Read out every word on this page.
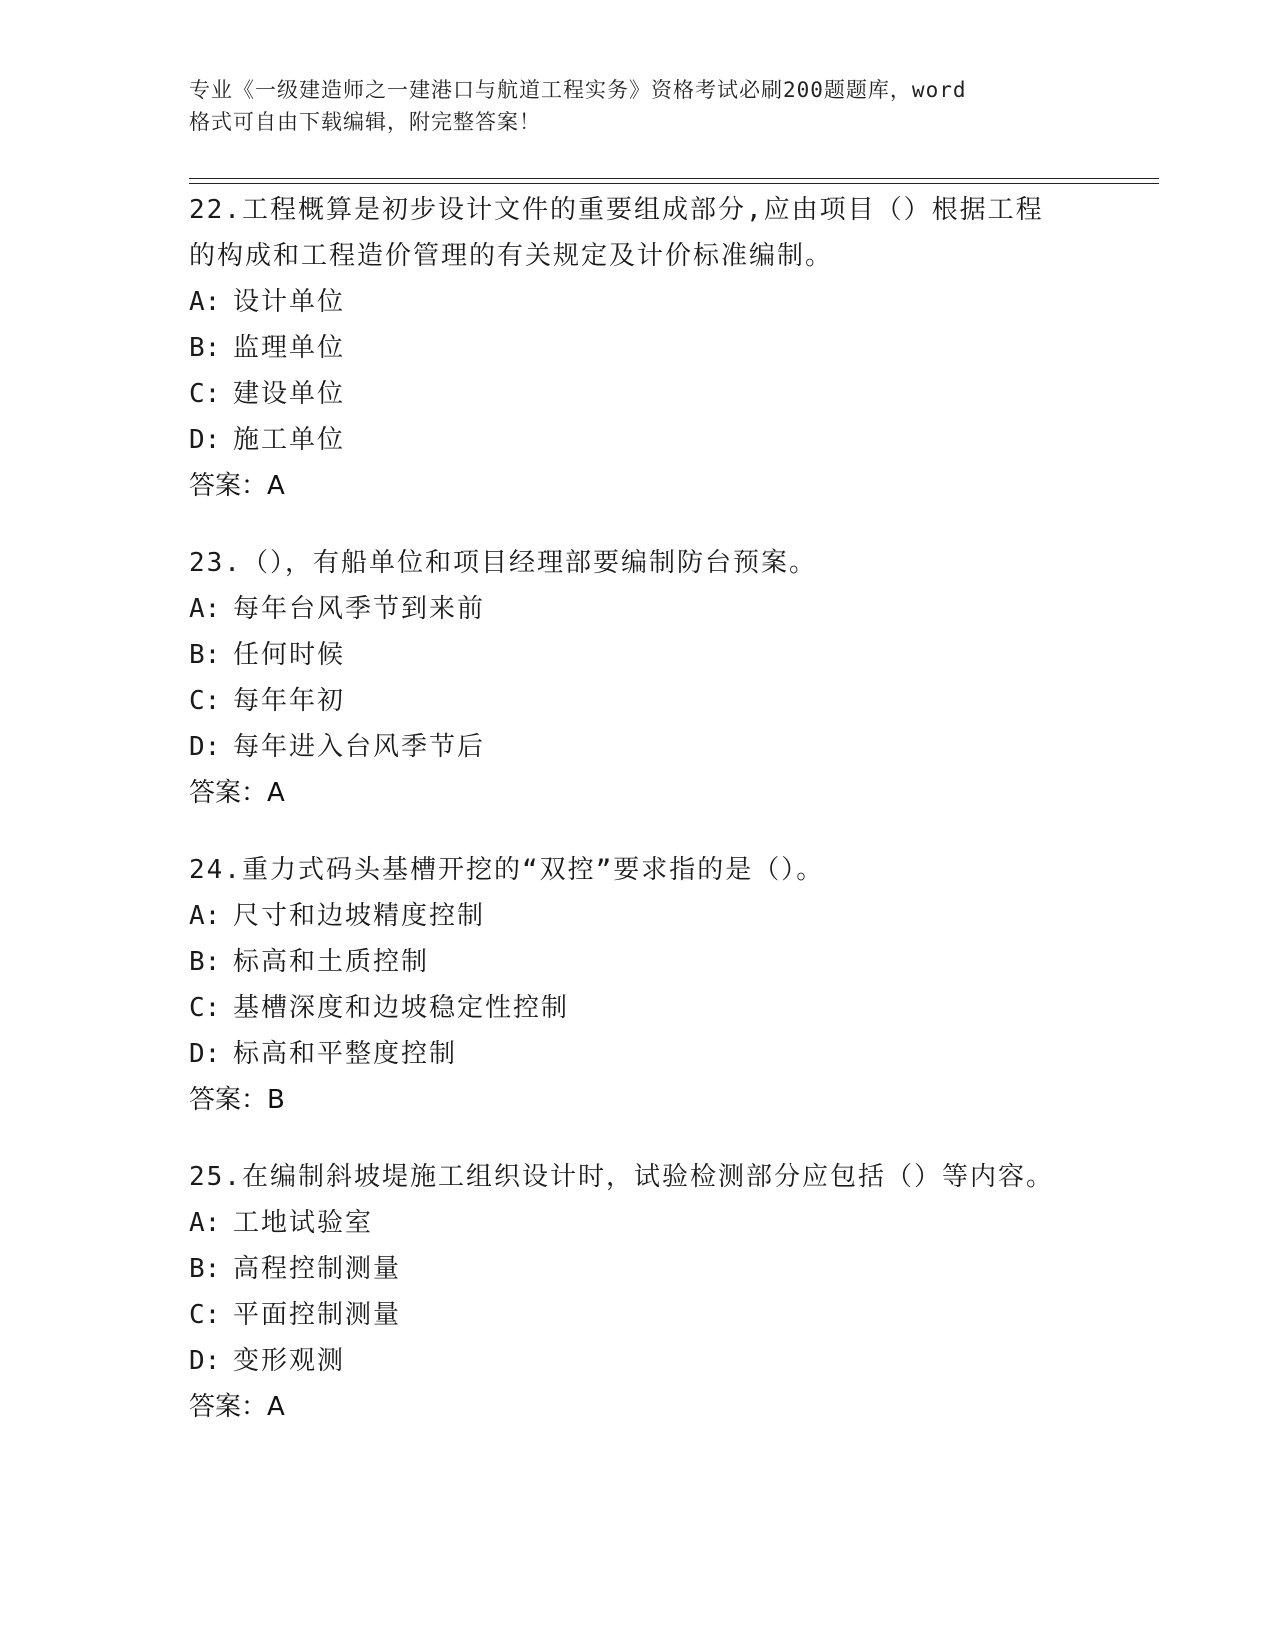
专业《一级建造师之一建港口与航道工程实务》资格考试必刷200题题库，word
格式可自由下载编辑，附完整答案！

22.工程概算是初步设计文件的重要组成部分,应由项目（）根据工程

的构成和工程造价管理的有关规定及计价标准编制。

A: 设计单位

B: 监理单位

C: 建设单位

D: 施工单位

答案：A

23.（），有船单位和项目经理部要编制防台预案。

A: 每年台风季节到来前

B: 任何时候

C: 每年年初

D: 每年进入台风季节后

答案：A

24.重力式码头基槽开挖的“双控”要求指的是（）。

A: 尺寸和边坡精度控制

B: 标高和土质控制

C: 基槽深度和边坡稳定性控制

D: 标高和平整度控制

答案：B

25.在编制斜坡堤施工组织设计时，试验检测部分应包括（）等内容。

A: 工地试验室

B: 高程控制测量

C: 平面控制测量

D: 变形观测

答案：A
